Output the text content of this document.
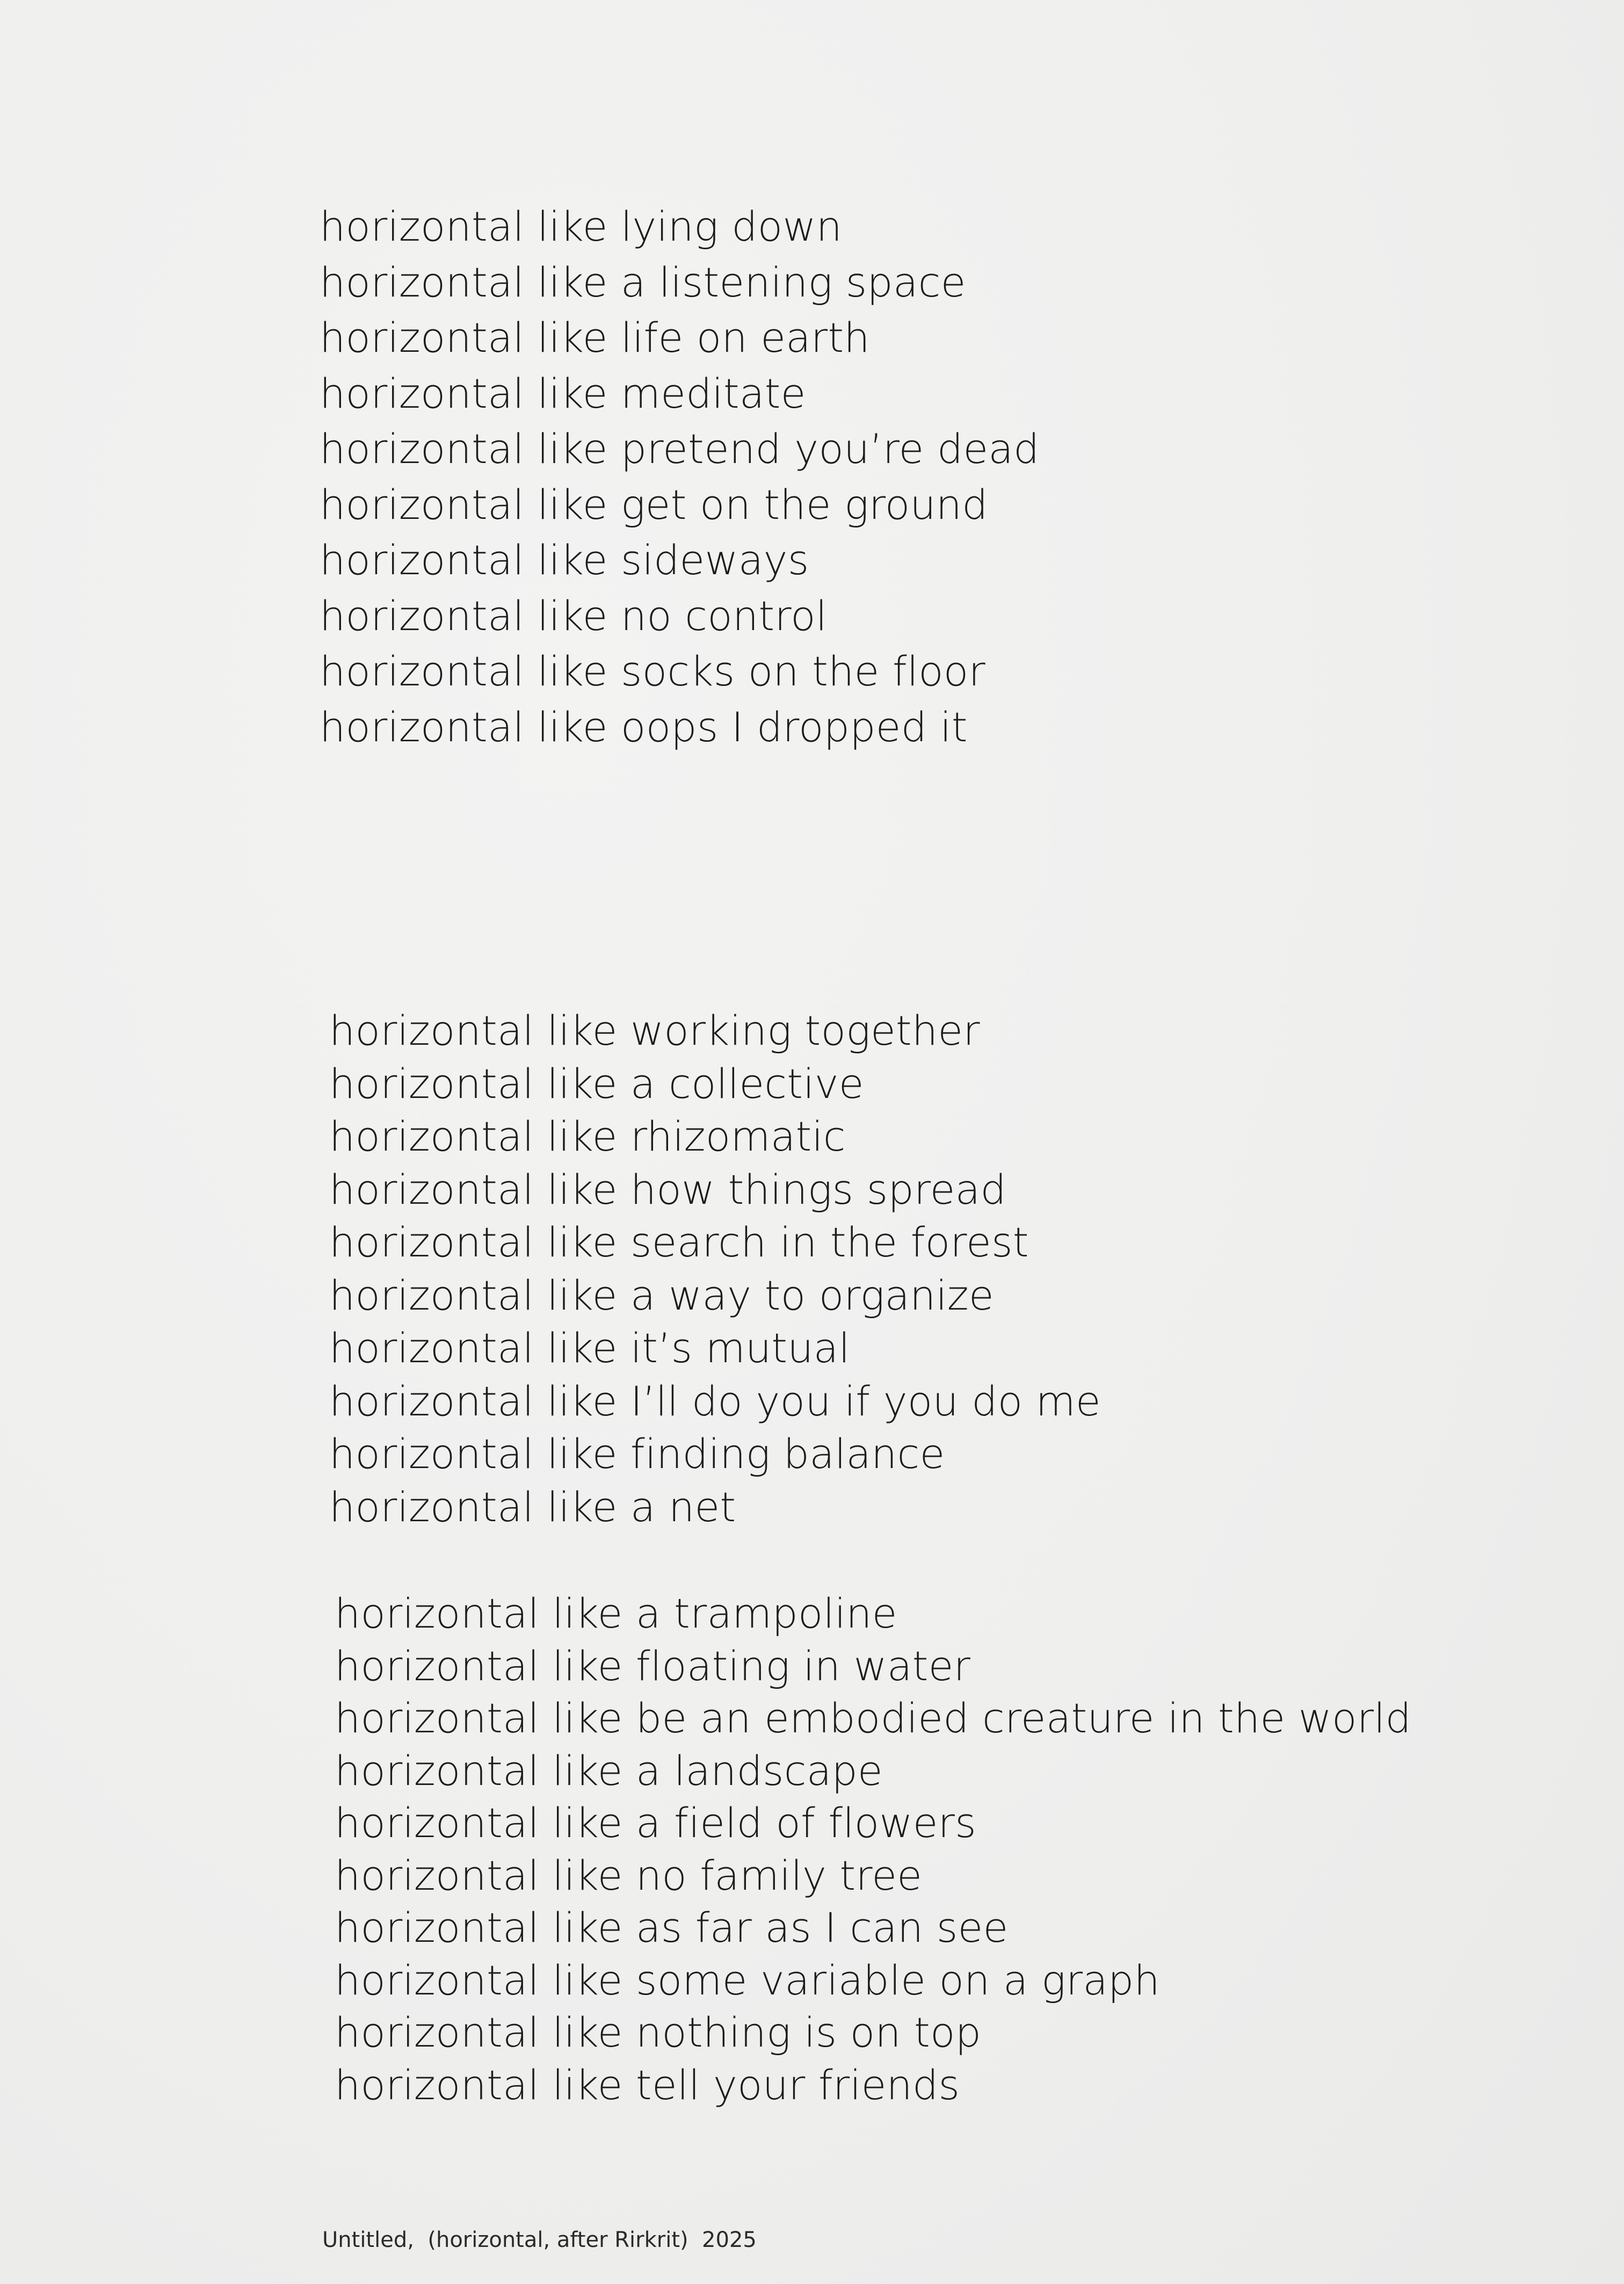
horizontal like lying down
horizontal like a listening space
horizontal like life on earth
horizontal like meditate
horizontal like pretend you’re dead
horizontal like get on the ground
horizontal like sideways
horizontal like no control
horizontal like socks on the floor
horizontal like oops I dropped it
horizontal like working together
horizontal like a collective
horizontal like rhizomatic
horizontal like how things spread
horizontal like search in the forest
horizontal like a way to organize
horizontal like it’s mutual
horizontal like I’ll do you if you do me
horizontal like finding balance
horizontal like a net
horizontal like a trampoline
horizontal like floating in water
horizontal like be an embodied creature in the world
horizontal like a landscape
horizontal like a field of flowers
horizontal like no family tree
horizontal like as far as I can see
horizontal like some variable on a graph
horizontal like nothing is on top
horizontal like tell your friends
Untitled,  (horizontal, after Rirkrit)  2025
